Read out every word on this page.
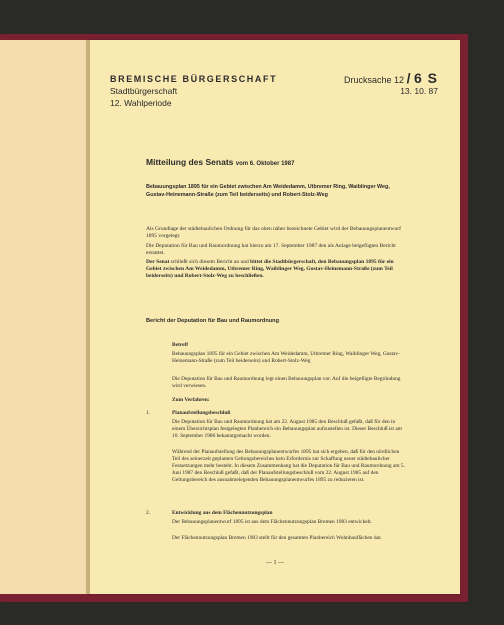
BREMISCHE BÜRGERSCHAFT
Stadtbürgerschaft
12. Wahlperiode
Drucksache 12 / 6 S
13. 10. 87
Mitteilung des Senats vom 6. Oktober 1987
Bebauungsplan 1895 für ein Gebiet zwischen Am Weidedamm, Utbremer Ring, Waiblinger Weg, Gustav-Heinemann-Straße (zum Teil beiderseits) und Robert-Stolz-Weg
Als Grundlage der städtebaulichen Ordnung für das oben näher bezeichnete Gebiet wird der Bebauungsplanentwurf 1895 vorgelegt.
Die Deputation für Bau und Raumordnung hat hierzu am 17. September 1987 den als Anlage beigefügten Bericht erstattet.
Der Senat schließt sich diesem Bericht an und bittet die Stadtbürgerschaft, den Bebauungsplan 1895 für ein Gebiet zwischen Am Weidedamm, Utbremer Ring, Waiblinger Weg, Gustav-Heinemann-Straße (zum Teil beiderseits) und Robert-Stolz-Weg zu beschließen.
Bericht der Deputation für Bau und Raumordnung
Betreff
Bebauungsplan 1895 für ein Gebiet zwischen Am Weidedamm, Utbremer Ring, Waiblinger Weg, Gustav-Heinemann-Straße (zum Teil beiderseits) und Robert-Stolz-Weg
Die Deputation für Bau und Raumordnung legt einen Bebauungsplan vor. Auf die beigefügte Begründung wird verwiesen.
Zum Verfahren:
1.	Planaufstellungsbeschluß
Die Deputation für Bau und Raumordnung hat am 22. August 1985 den Beschluß gefaßt, daß für den in einem Übersichtsplan festgelegten Planbereich ein Bebauungsplan aufzustellen ist. Dieser Beschluß ist am 10. September 1986 bekanntgemacht worden.
Während der Planaufstellung des Bebauungsplanentwurfes 1895 hat sich ergeben, daß für den nördlichen Teil des seinerzeit geplanten Geltungsbereiches kein Erfordernis zur Schaffung neuer städtebaulicher Festsetzungen mehr besteht. In diesem Zusammenhang hat die Deputation für Bau und Raumordnung am 5. Juni 1987 den Beschluß gefaßt, daß der Planaufstellungsbeschluß vom 22. August 1985 auf den Geltungsbereich des ausnahmelegenden Bebauungsplanentwurfes 1895 zu reduzieren ist.
2.	Entwicklung aus dem Flächennutzungsplan
Der Bebauungsplanentwurf 1895 ist aus dem Flächennutzungsplan Bremen 1983 entwickelt.
Der Flächennutzungsplan Bremen 1983 stellt für den gesamten Planbereich Wohnbauflächen dar.
— 1 —
